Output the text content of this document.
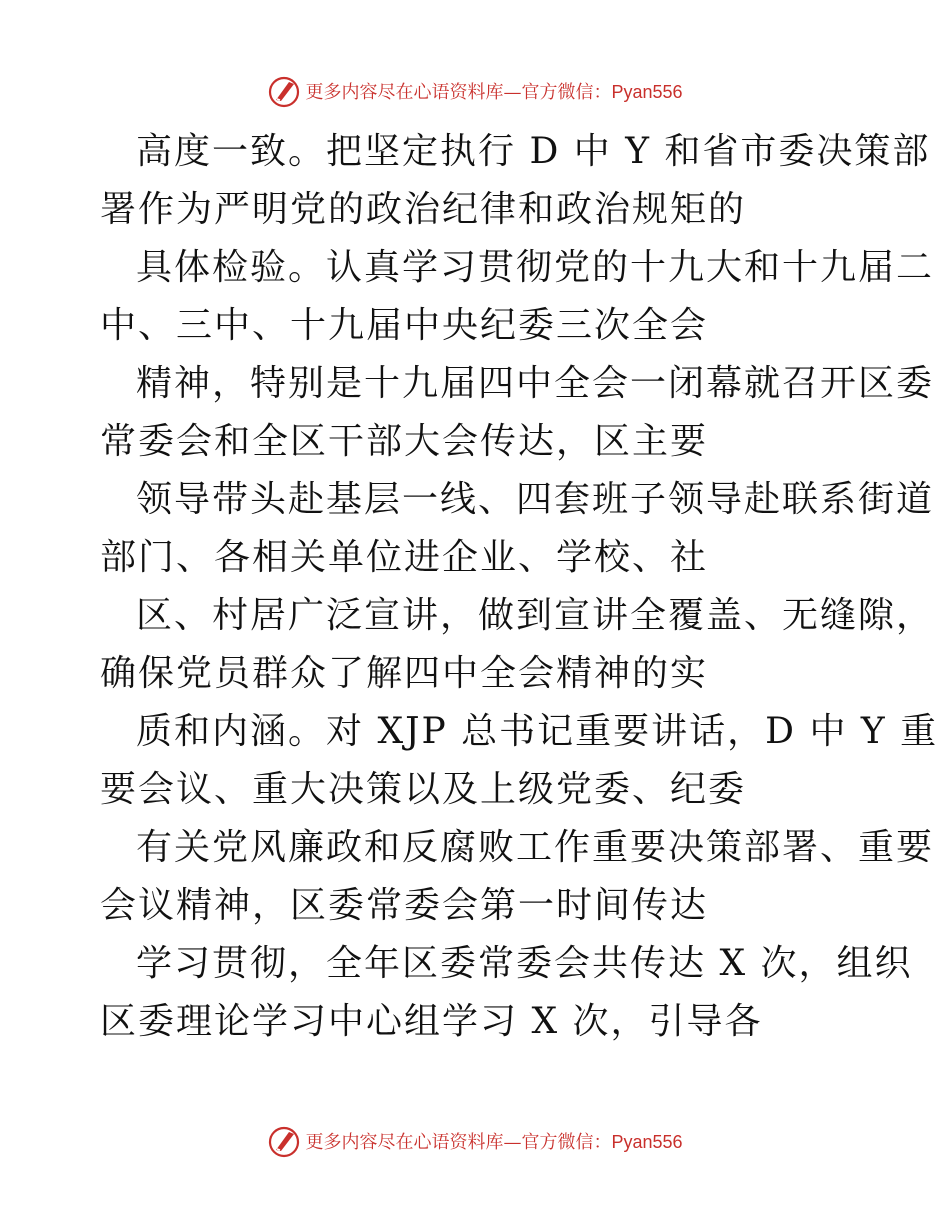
更多内容尽在心语资料库—官方微信：Pyan556
高度一致。把坚定执行 D 中 Y 和省市委决策部
署作为严明党的政治纪律和政治规矩的
具体检验。认真学习贯彻党的十九大和十九届二
中、三中、十九届中央纪委三次全会
精神，特别是十九届四中全会一闭幕就召开区委
常委会和全区干部大会传达，区主要
领导带头赴基层一线、四套班子领导赴联系街道
部门、各相关单位进企业、学校、社
区、村居广泛宣讲，做到宣讲全覆盖、无缝隙，
确保党员群众了解四中全会精神的实
质和内涵。对 XJP 总书记重要讲话，D 中 Y 重
要会议、重大决策以及上级党委、纪委
有关党风廉政和反腐败工作重要决策部署、重要
会议精神，区委常委会第一时间传达
学习贯彻，全年区委常委会共传达 X 次，组织
区委理论学习中心组学习 X 次，引导各
更多内容尽在心语资料库—官方微信：Pyan556
